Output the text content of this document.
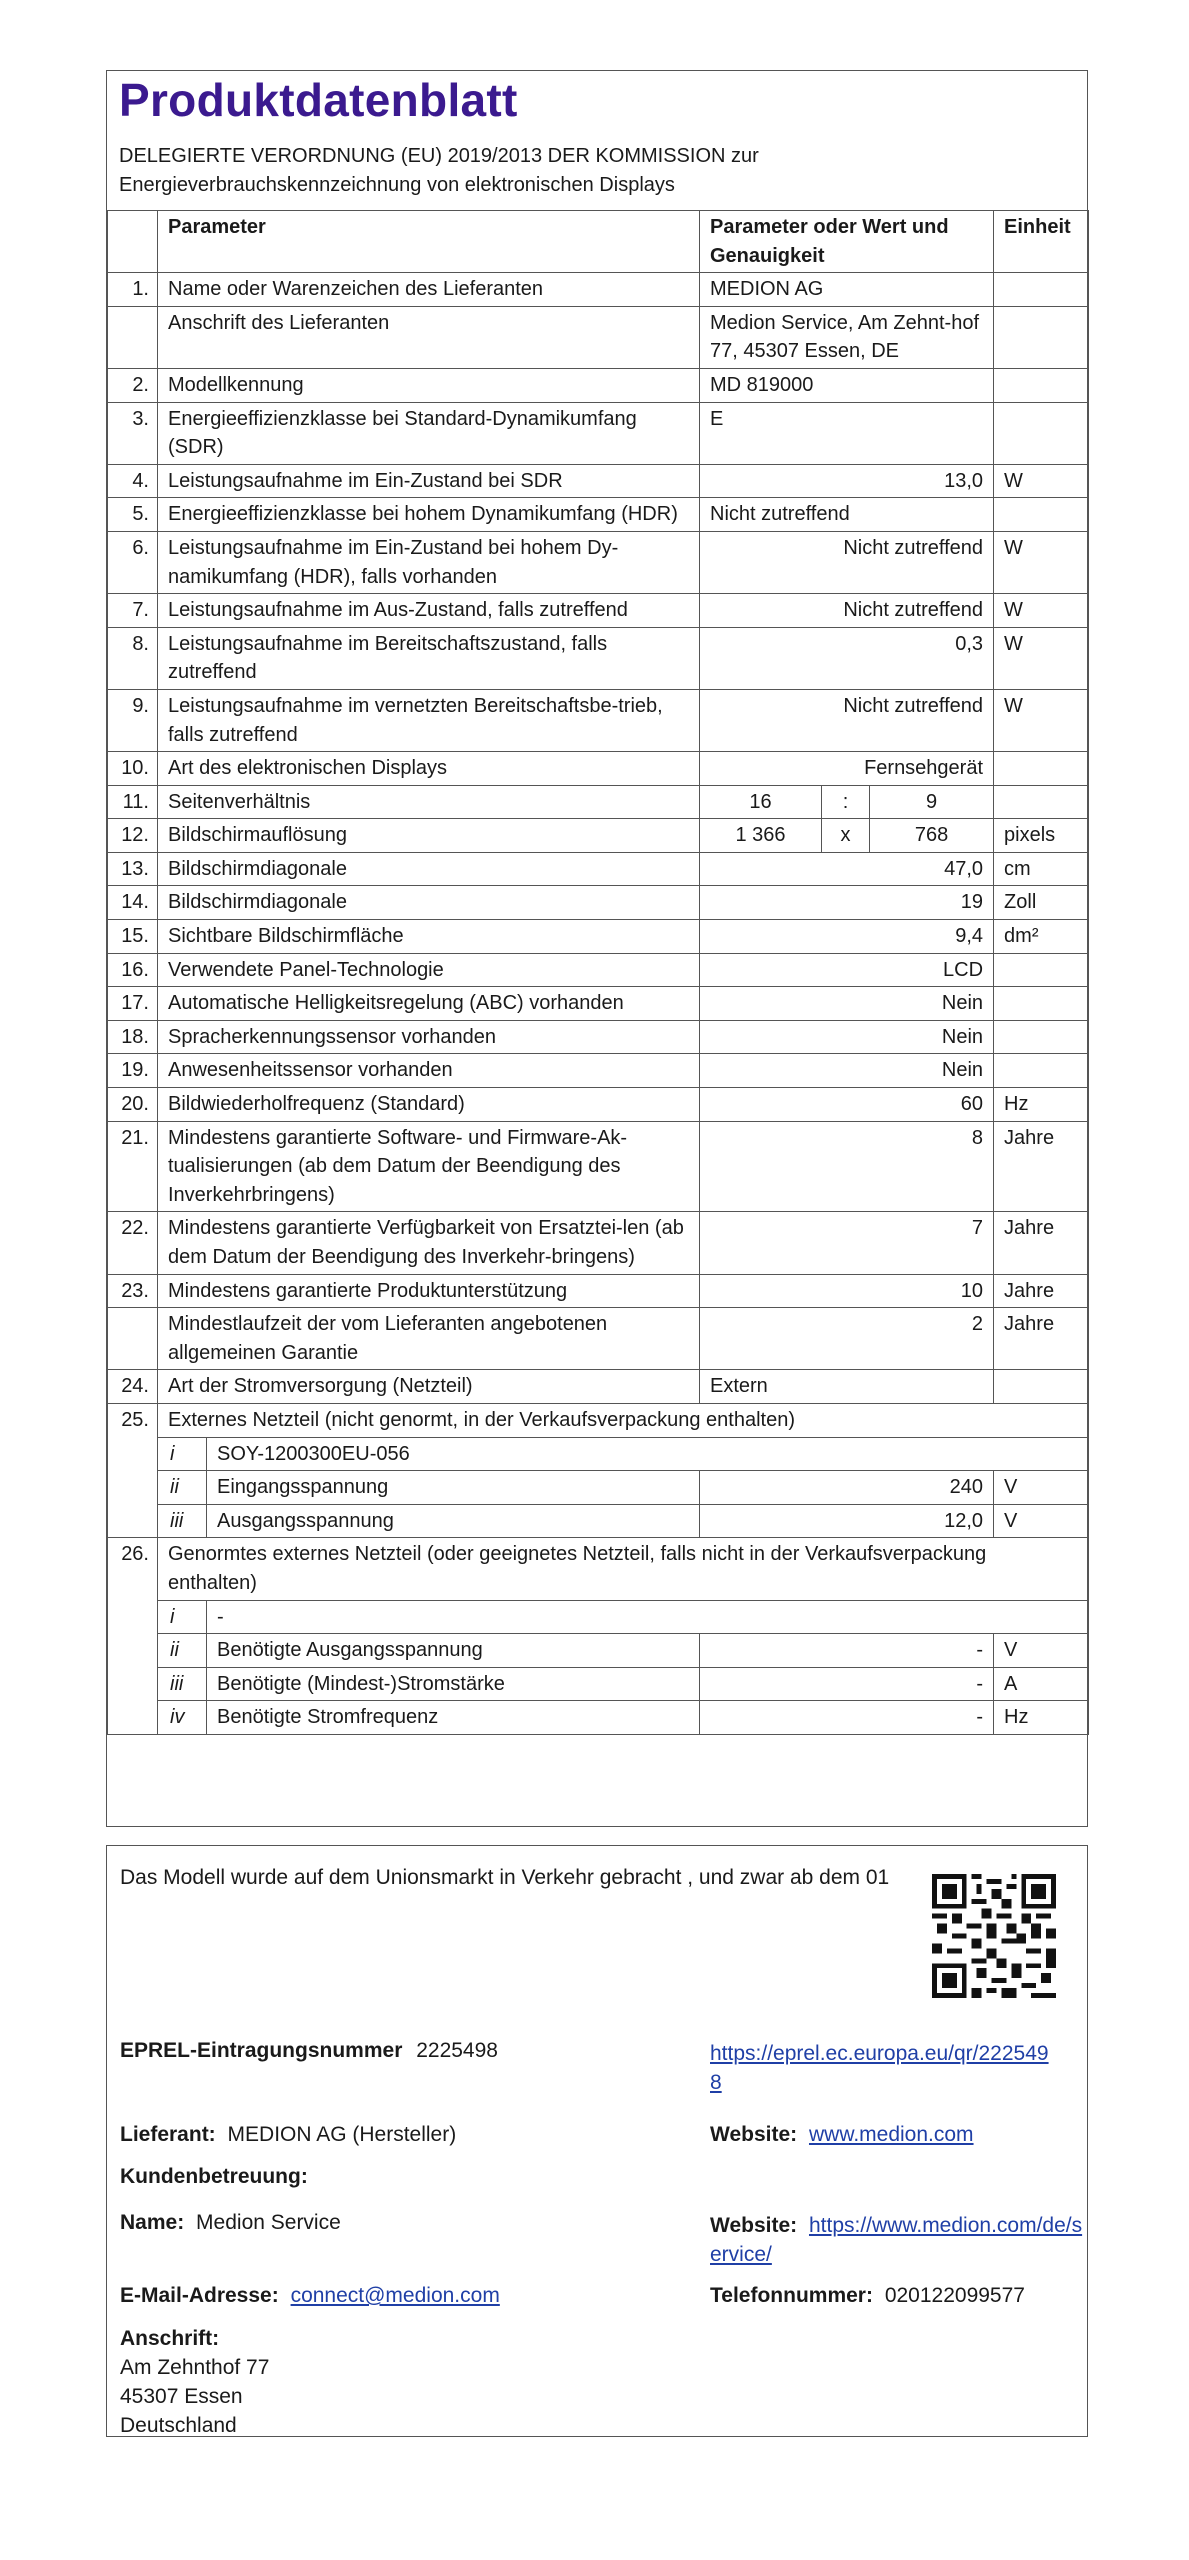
Produktdatenblatt
DELEGIERTE VERORDNUNG (EU) 2019/2013 DER KOMMISSION zur Energieverbrauchskennzeichnung von elektronischen Displays
	Parameter		Parameter oder Wert und Genauigkeit			Einheit
1.	Name oder Warenzeichen des Lieferanten		MEDION AG			
	Anschrift des Lieferanten		Medion Service, Am Zehnt-hof 77, 45307 Essen, DE			
2.	Modellkennung		MD 819000			
3.	Energieeffizienzklasse bei Standard-Dynamikumfang (SDR)		E			
4.	Leistungsaufnahme im Ein-Zustand bei SDR		13,0			W
5.	Energieeffizienzklasse bei hohem Dynamikumfang (HDR)		Nicht zutreffend			
6.	Leistungsaufnahme im Ein-Zustand bei hohem Dy-namikumfang (HDR), falls vorhanden		Nicht zutreffend			W
7.	Leistungsaufnahme im Aus-Zustand, falls zutreffend		Nicht zutreffend			W
8.	Leistungsaufnahme im Bereitschaftszustand, falls zutreffend		0,3			W
9.	Leistungsaufnahme im vernetzten Bereitschaftsbe-trieb, falls zutreffend		Nicht zutreffend			W
10.	Art des elektronischen Displays		Fernsehgerät			
11.	Seitenverhältnis		16	:	9	
12.	Bildschirmauflösung		1 366	x	768	pixels
13.	Bildschirmdiagonale		47,0			cm
14.	Bildschirmdiagonale		19			Zoll
15.	Sichtbare Bildschirmfläche		9,4			dm²
16.	Verwendete Panel-Technologie		LCD			
17.	Automatische Helligkeitsregelung (ABC) vorhanden		Nein			
18.	Spracherkennungssensor vorhanden		Nein			
19.	Anwesenheitssensor vorhanden		Nein			
20.	Bildwiederholfrequenz (Standard)		60			Hz
21.	Mindestens garantierte Software- und Firmware-Ak-tualisierungen (ab dem Datum der Beendigung des Inverkehrbringens)		8			Jahre
22.	Mindestens garantierte Verfügbarkeit von Ersatztei-len (ab dem Datum der Beendigung des Inverkehr-bringens)		7			Jahre
23.	Mindestens garantierte Produktunterstützung		10			Jahre
	Mindestlaufzeit der vom Lieferanten angebotenen allgemeinen Garantie		2			Jahre
24.	Art der Stromversorgung (Netzteil)		Extern			
25.	Externes Netzteil (nicht genormt, in der Verkaufsverpackung enthalten)					
	i	SOY-1200300EU-056				
	ii	Eingangsspannung	240			V
	iii	Ausgangsspannung	12,0			V
26.	Genormtes externes Netzteil (oder geeignetes Netzteil, falls nicht in der Verkaufsverpackung enthalten)					
	i	-				
	ii	Benötigte Ausgangsspannung	-			V
	iii	Benötigte (Mindest-)Stromstärke	-			A
	iv	Benötigte Stromfrequenz	-			Hz
Das Modell wurde auf dem Unionsmarkt in Verkehr gebracht , und zwar ab dem 01
EPREL-Eintragungsnummer 2225498	https://eprel.ec.europa.eu/qr/2225498
Lieferant: MEDION AG (Hersteller)	Website: www.medion.com
Kundenbetreuung:
Name: Medion Service	Website: https://www.medion.com/de/service/
E-Mail-Adresse: connect@medion.com	Telefonnummer: 020122099577
Anschrift:
Am Zehnthof 77
45307 Essen
Deutschland
